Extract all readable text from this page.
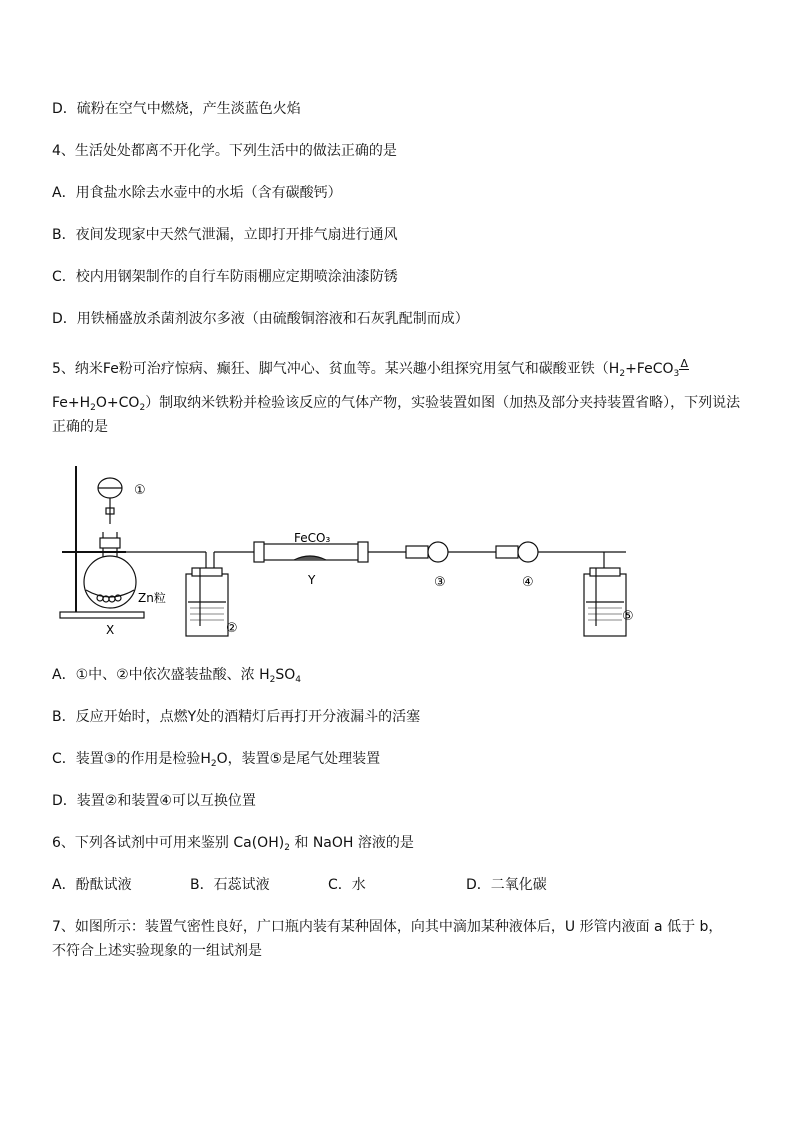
D．硫粉在空气中燃烧，产生淡蓝色火焰
4、生活处处都离不开化学。下列生活中的做法正确的是
A．用食盐水除去水壶中的水垢（含有碳酸钙）
B．夜间发现家中天然气泄漏，立即打开排气扇进行通风
C．校内用钢架制作的自行车防雨棚应定期喷涂油漆防锈
D．用铁桶盛放杀菌剂波尔多液（由硫酸铜溶液和石灰乳配制而成）
5、纳米Fe粉可治疗惊病、癫狂、脚气冲心、贫血等。某兴趣小组探究用氢气和碳酸亚铁（$H_2+FeCO_3\Delta$
$Fe+H_2O+CO_2$）制取纳米铁粉并检验该反应的气体产物，实验装置如图（加热及部分夹持装置省略），下列说法
正确的是
①
②
③	④
⑤
FeCO₃
Y
X
Zn粒
A．①中、②中依次盛装盐酸、浓 $H_2SO_4$
B．反应开始时，点燃Y处的酒精灯后再打开分液漏斗的活塞
C．装置③的作用是检验$H_2O$，装置⑤是尾气处理装置
D．装置②和装置④可以互换位置
6、下列各试剂中可用来鉴别 $Ca(OH)_2$ 和 NaOH 溶液的是
A．酚酞试液	B．石蕊试液	C．水	D．二氧化碳
7、如图所示：装置气密性良好，广口瓶内装有某种固体，向其中滴加某种液体后，U 形管内液面 a 低于 b，
不符合上述实验现象的一组试剂是
